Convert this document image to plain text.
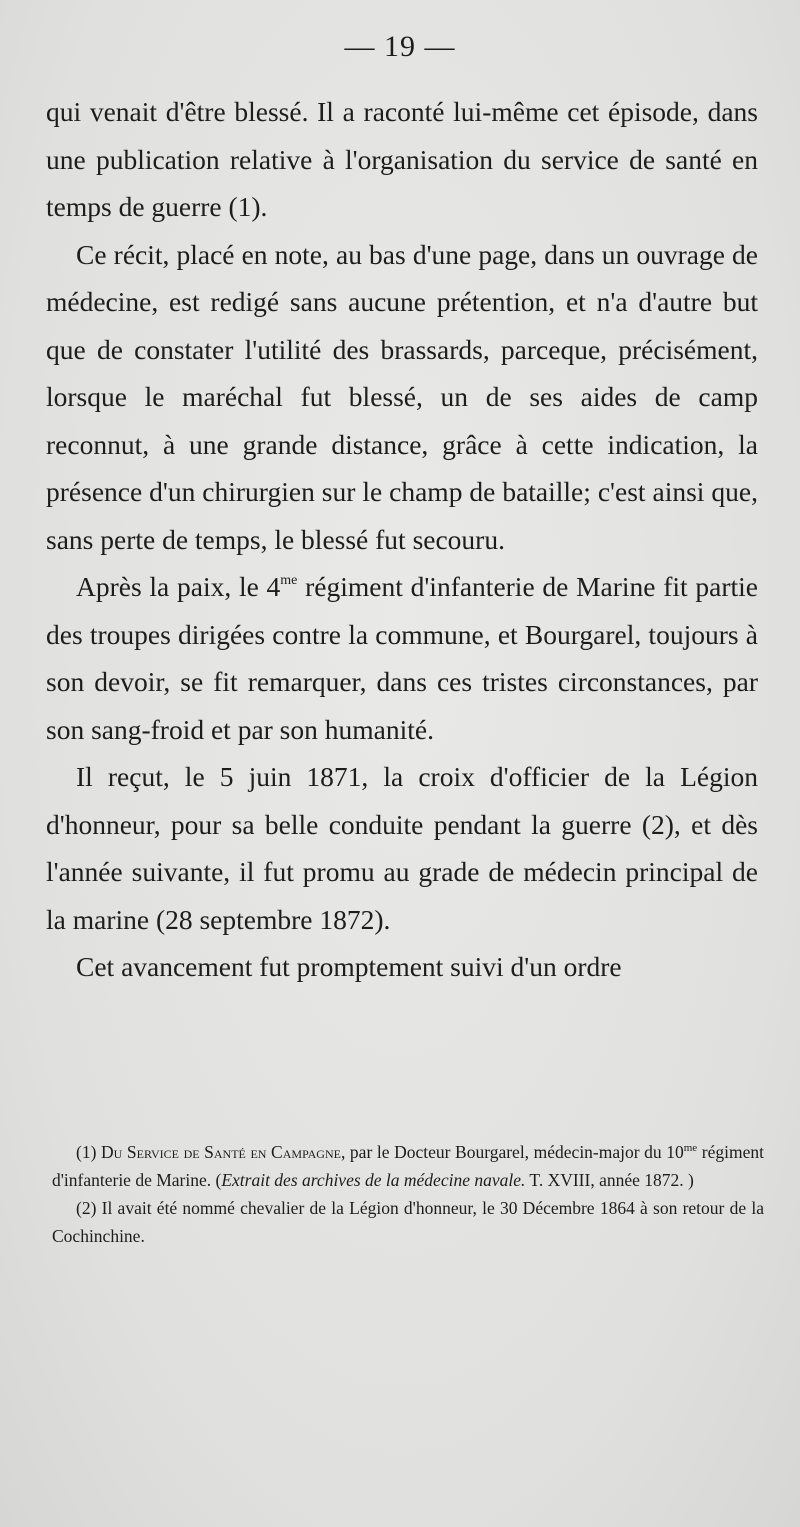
— 19 —

qui venait d'être blessé. Il a raconté lui-même cet épisode, dans une publication relative à l'organisation du service de santé en temps de guerre (1).

Ce récit, placé en note, au bas d'une page, dans un ouvrage de médecine, est redigé sans aucune prétention, et n'a d'autre but que de constater l'utilité des brassards, parceque, précisément, lorsque le maréchal fut blessé, un de ses aides de camp reconnut, à une grande distance, grâce à cette indication, la présence d'un chirurgien sur le champ de bataille; c'est ainsi que, sans perte de temps, le blessé fut secouru.

Après la paix, le $4^{me}$ régiment d'infanterie de Marine fit partie des troupes dirigées contre la commune, et Bourgarel, toujours à son devoir, se fit remarquer, dans ces tristes circonstances, par son sang-froid et par son humanité.

Il reçut, le 5 juin 1871, la croix d'officier de la Légion d'honneur, pour sa belle conduite pendant la guerre (2), et dès l'année suivante, il fut promu au grade de médecin principal de la marine (28 septembre 1872).

Cet avancement fut promptement suivi d'un ordre

(1) Du Service de Santé en Campagne, par le Docteur Bourgarel, médecin-major du 10$^{me}$ régiment d'infanterie de Marine. (Extrait des archives de la médecine navale. T. XVIII, année 1872. )

(2) Il avait été nommé chevalier de la Légion d'honneur, le 30 Décembre 1864 à son retour de la Cochinchine.
